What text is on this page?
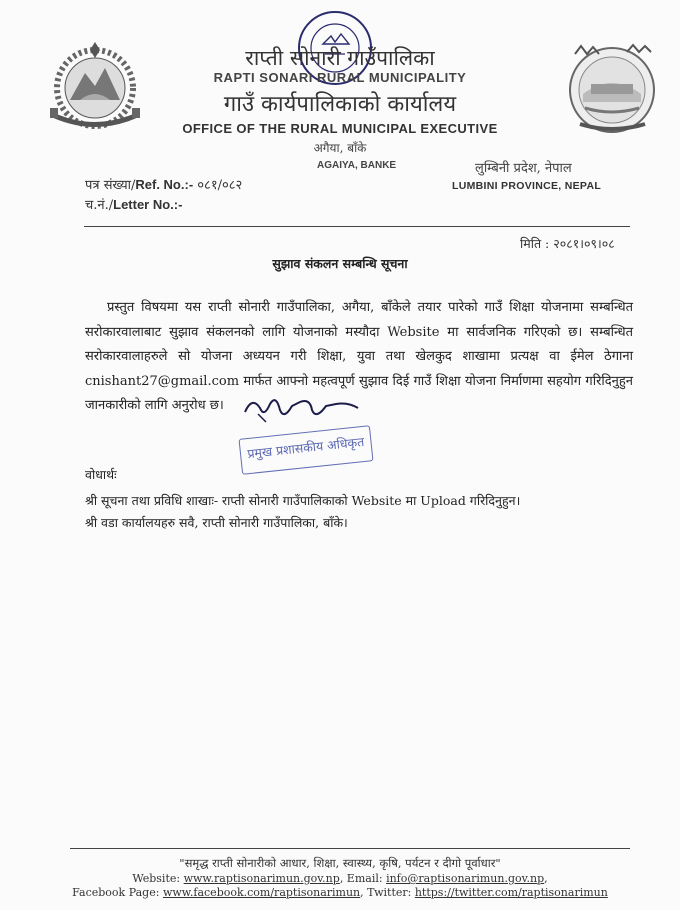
राप्ती सोनारी गाउँपालिका
RAPTI SONARI RURAL MUNICIPALITY
गाउँ कार्यपालिकाको कार्यालय
OFFICE OF THE RURAL MUNICIPAL EXECUTIVE
अगैया, बाँके
AGAIYA, BANKE	लुम्बिनी प्रदेश, नेपाल
LUMBINI PROVINCE, NEPAL
पत्र संख्या/Ref. No.:- ०८१/०८२
च.नं./Letter No.:-
मिति : २०८१।०९।०८
सुझाव संकलन सम्बन्धि सूचना

प्रस्तुत विषयमा यस राप्ती सोनारी गाउँपालिका, अगैया, बाँकेले तयार पारेको गाउँ शिक्षा योजनामा सम्बन्धित सरोकारवालाबाट सुझाव संकलनको लागि योजनाको मस्यौदा Website मा सार्वजनिक गरिएको छ। सम्बन्धित सरोकारवालाहरुले सो योजना अध्ययन गरी शिक्षा, युवा तथा खेलकुद शाखामा प्रत्यक्ष वा ईमेल ठेगाना cnishant27@gmail.com मार्फत आफ्नो महत्वपूर्ण सुझाव दिई गाउँ शिक्षा योजना निर्माणमा सहयोग गरिदिनुहुन जानकारीको लागि अनुरोध छ।

प्रमुख प्रशासकीय अधिकृत
वोधार्थः
श्री सूचना तथा प्रविधि शाखाः- राप्ती सोनारी गाउँपालिकाको Website मा Upload गरिदिनुहुन।
श्री वडा कार्यालयहरु सवै, राप्ती सोनारी गाउँपालिका, बाँके।
"समृद्ध राप्ती सोनारीको आधार, शिक्षा, स्वास्थ्य, कृषि, पर्यटन र दीगो पूर्वाधार"
Website: www.raptisonarimun.gov.np, Email: info@raptisonarimun.gov.np,
Facebook Page: www.facebook.com/raptisonarimun, Twitter: https://twitter.com/raptisonarimun
